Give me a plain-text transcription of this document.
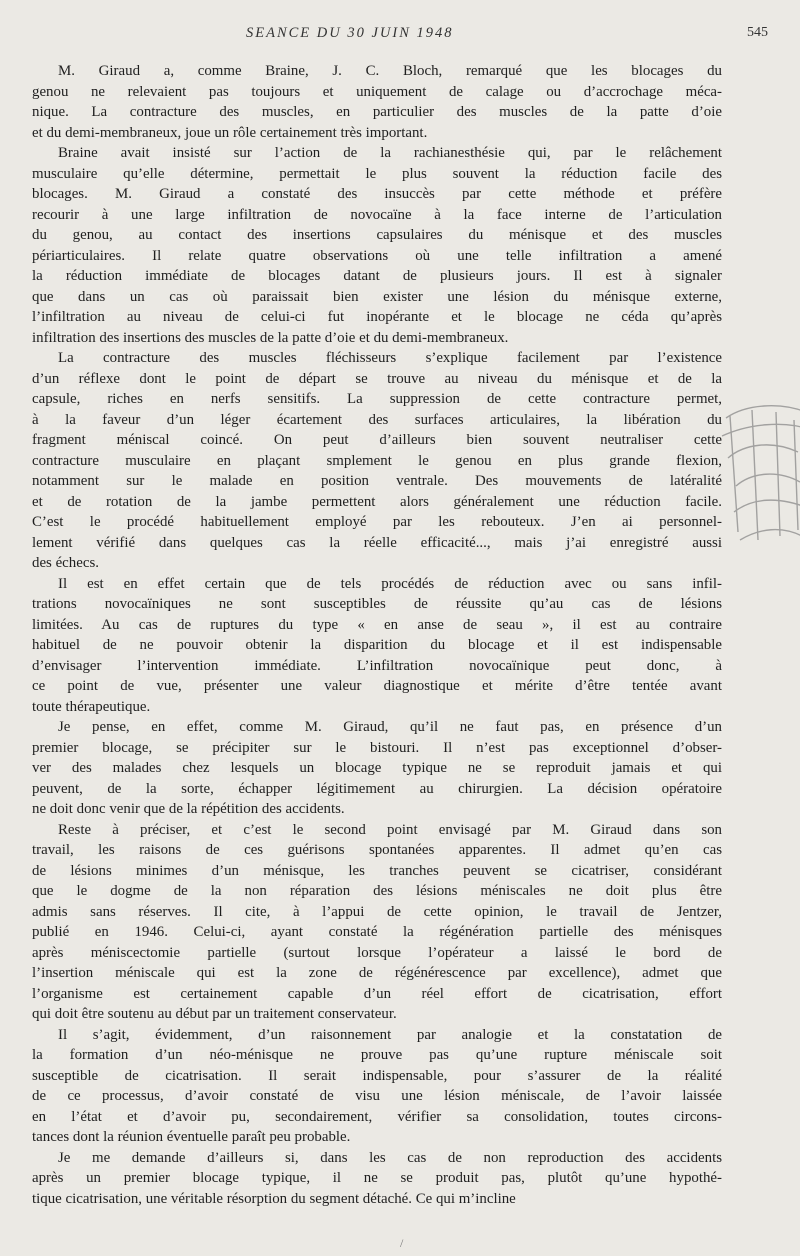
SEANCE DU 30 JUIN 1948	545

M. Giraud a, comme Braine, J. C. Bloch, remarqué que les blocages du
genou ne relevaient pas toujours et uniquement de calage ou d’accrochage méca-
nique. La contracture des muscles, en particulier des muscles de la patte d’oie
et du demi-membraneux, joue un rôle certainement très important.

Braine avait insisté sur l’action de la rachianesthésie qui, par le relâchement
musculaire qu’elle détermine, permettait le plus souvent la réduction facile des
blocages. M. Giraud a constaté des insuccès par cette méthode et préfère
recourir à une large infiltration de novocaïne à la face interne de l’articulation
du genou, au contact des insertions capsulaires du ménisque et des muscles
périarticulaires. Il relate quatre observations où une telle infiltration a amené
la réduction immédiate de blocages datant de plusieurs jours. Il est à signaler
que dans un cas où paraissait bien exister une lésion du ménisque externe,
l’infiltration au niveau de celui-ci fut inopérante et le blocage ne céda qu’après
infiltration des insertions des muscles de la patte d’oie et du demi-membraneux.

La contracture des muscles fléchisseurs s’explique facilement par l’existence
d’un réflexe dont le point de départ se trouve au niveau du ménisque et de la
capsule, riches en nerfs sensitifs. La suppression de cette contracture permet,
à la faveur d’un léger écartement des surfaces articulaires, la libération du
fragment méniscal coincé. On peut d’ailleurs bien souvent neutraliser cette
contracture musculaire en plaçant smplement le genou en plus grande flexion,
notamment sur le malade en position ventrale. Des mouvements de latéralité
et de rotation de la jambe permettent alors généralement une réduction facile.
C’est le procédé habituellement employé par les rebouteux. J’en ai personnel-
lement vérifié dans quelques cas la réelle efficacité..., mais j’ai enregistré aussi
des échecs.

Il est en effet certain que de tels procédés de réduction avec ou sans infil-
trations novocaïniques ne sont susceptibles de réussite qu’au cas de lésions
limitées. Au cas de ruptures du type « en anse de seau », il est au contraire
habituel de ne pouvoir obtenir la disparition du blocage et il est indispensable
d’envisager l’intervention immédiate. L’infiltration novocaïnique peut donc, à
ce point de vue, présenter une valeur diagnostique et mérite d’être tentée avant
toute thérapeutique.

Je pense, en effet, comme M. Giraud, qu’il ne faut pas, en présence d’un
premier blocage, se précipiter sur le bistouri. Il n’est pas exceptionnel d’obser-
ver des malades chez lesquels un blocage typique ne se reproduit jamais et qui
peuvent, de la sorte, échapper légitimement au chirurgien. La décision opératoire
ne doit donc venir que de la répétition des accidents.

Reste à préciser, et c’est le second point envisagé par M. Giraud dans son
travail, les raisons de ces guérisons spontanées apparentes. Il admet qu’en cas
de lésions minimes d’un ménisque, les tranches peuvent se cicatriser, considérant
que le dogme de la non réparation des lésions méniscales ne doit plus être
admis sans réserves. Il cite, à l’appui de cette opinion, le travail de Jentzer,
publié en 1946. Celui-ci, ayant constaté la régénération partielle des ménisques
après méniscectomie partielle (surtout lorsque l’opérateur a laissé le bord de
l’insertion méniscale qui est la zone de régénérescence par excellence), admet que
l’organisme est certainement capable d’un réel effort de cicatrisation, effort
qui doit être soutenu au début par un traitement conservateur.

Il s’agit, évidemment, d’un raisonnement par analogie et la constatation de
la formation d’un néo-ménisque ne prouve pas qu’une rupture méniscale soit
susceptible de cicatrisation. Il serait indispensable, pour s’assurer de la réalité
de ce processus, d’avoir constaté de visu une lésion méniscale, de l’avoir laissée
en l’état et d’avoir pu, secondairement, vérifier sa consolidation, toutes circons-
tances dont la réunion éventuelle paraît peu probable.

Je me demande d’ailleurs si, dans les cas de non reproduction des accidents
après un premier blocage typique, il ne se produit pas, plutôt qu’une hypothé-
tique cicatrisation, une véritable résorption du segment détaché. Ce qui m’incline

/
